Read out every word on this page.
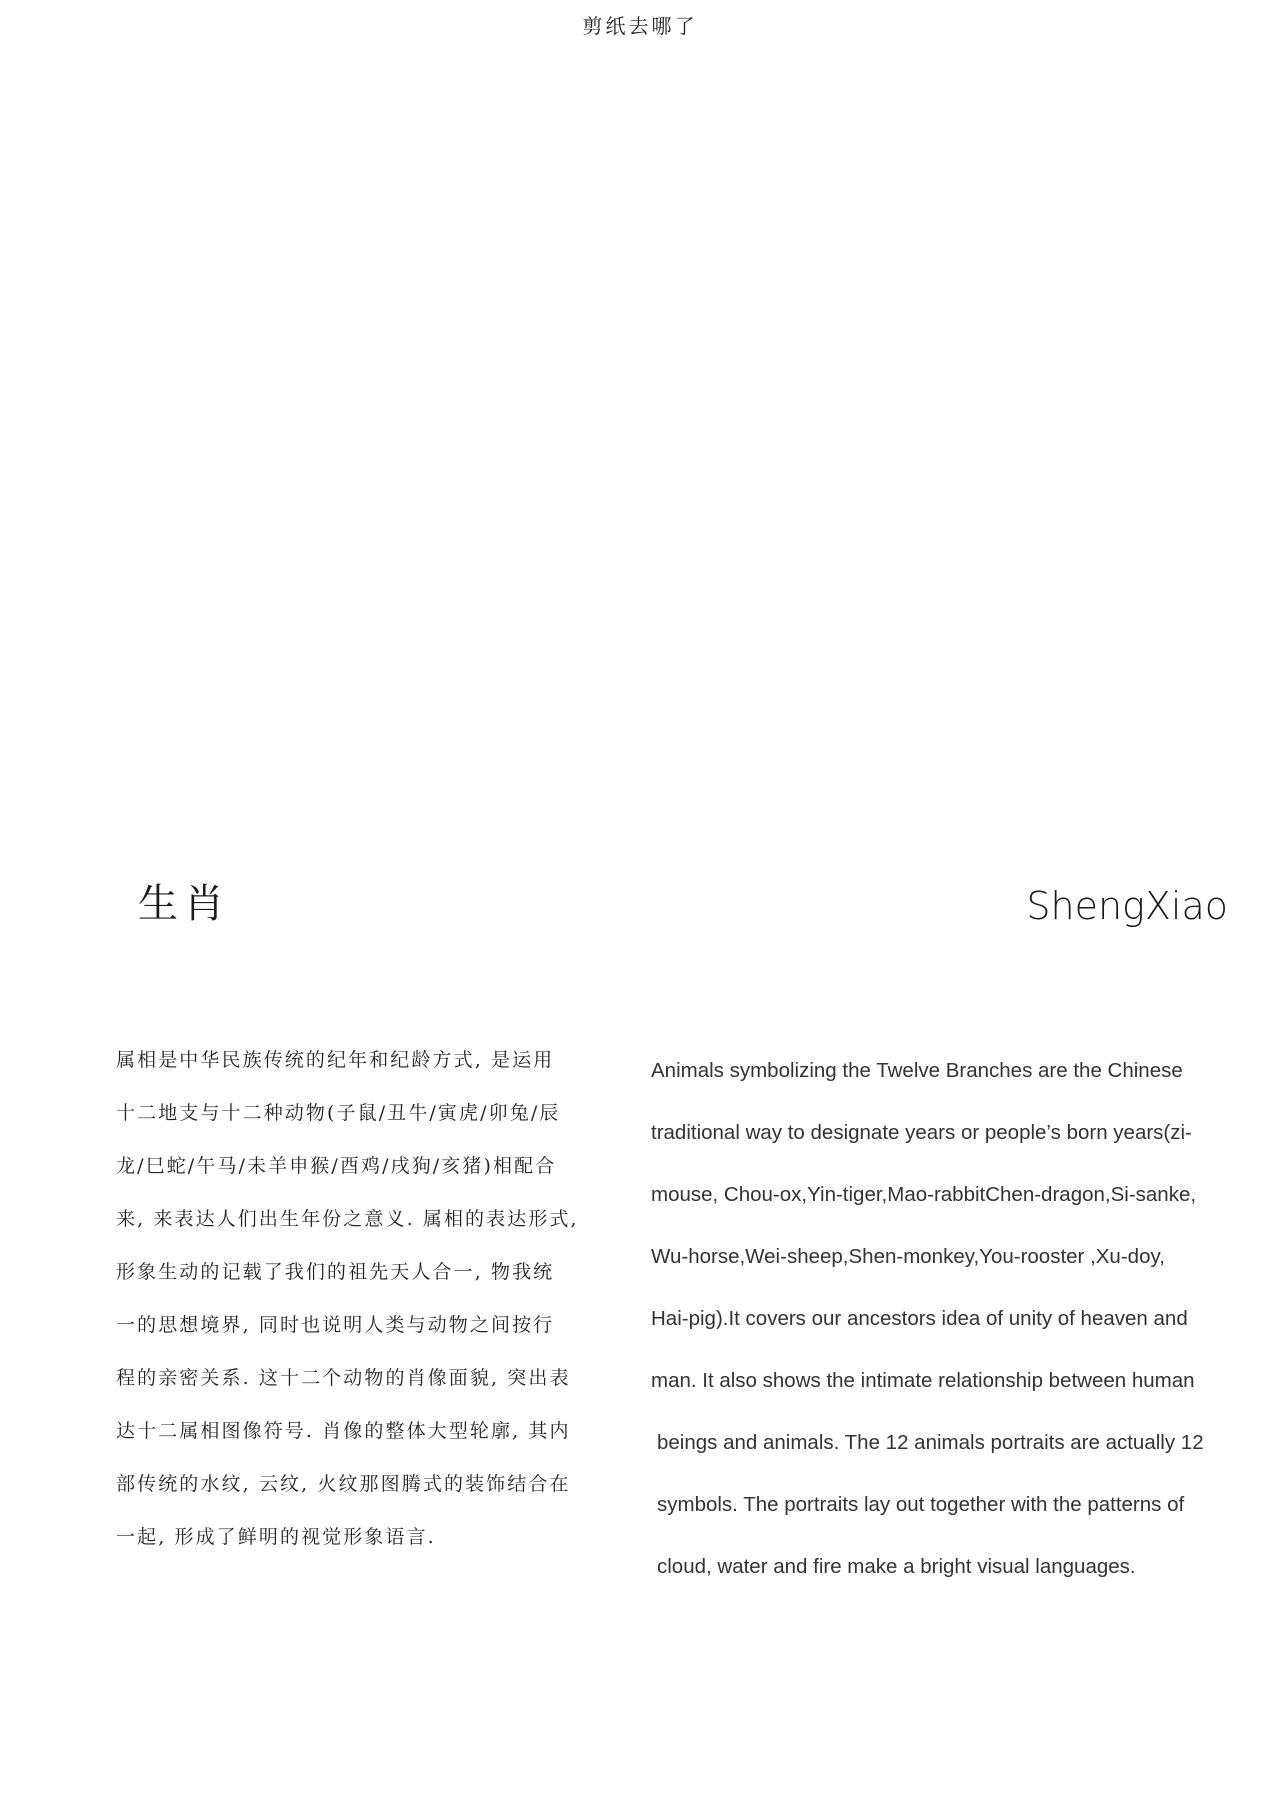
剪纸去哪了
生肖	ShengXiao
属相是中华民族传统的纪年和纪龄方式, 是运用
十二地支与十二种动物(子鼠/丑牛/寅虎/卯兔/辰
龙/巳蛇/午马/未羊申猴/酉鸡/戌狗/亥猪)相配合
来, 来表达人们出生年份之意义. 属相的表达形式,
形象生动的记载了我们的祖先天人合一, 物我统
一的思想境界, 同时也说明人类与动物之间按行
程的亲密关系. 这十二个动物的肖像面貌, 突出表
达十二属相图像符号. 肖像的整体大型轮廓, 其内
部传统的水纹, 云纹, 火纹那图腾式的装饰结合在
一起, 形成了鲜明的视觉形象语言.
Animals symbolizing the Twelve Branches are the Chinese
traditional way to designate years or people’s born years(zi-
mouse, Chou-ox,Yin-tiger,Mao-rabbitChen-dragon,Si-sanke,
Wu-horse,Wei-sheep,Shen-monkey,You-rooster ,Xu-doy,
Hai-pig).It covers our ancestors idea of unity of heaven and
man. It also shows the intimate relationship between human
beings and animals. The 12 animals portraits are actually 12
symbols. The portraits lay out together with the patterns of
cloud, water and fire make a bright visual languages.
